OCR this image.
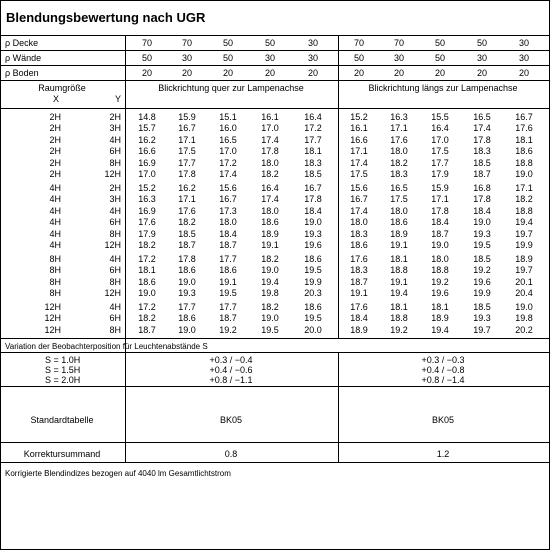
Blendungsbewertung nach UGR
ρ Decke	70	70	50	50	30	70	70	50	50	30
ρ Wände	50	30	50	30	30	50	30	50	30	30
ρ Boden	20	20	20	20	20	20	20	20	20	20
Raumgröße
X	Y
Blickrichtung quer zur Lampenachse	Blickrichtung längs zur Lampenachse
2H	2H	14.8	15.9	15.1	16.1	16.4	15.2	16.3	15.5	16.5	16.7
2H	3H	15.7	16.7	16.0	17.0	17.2	16.1	17.1	16.4	17.4	17.6
2H	4H	16.2	17.1	16.5	17.4	17.7	16.6	17.6	17.0	17.8	18.1
2H	6H	16.6	17.5	17.0	17.8	18.1	17.1	18.0	17.5	18.3	18.6
2H	8H	16.9	17.7	17.2	18.0	18.3	17.4	18.2	17.7	18.5	18.8
2H	12H	17.0	17.8	17.4	18.2	18.5	17.5	18.3	17.9	18.7	19.0
4H	2H	15.2	16.2	15.6	16.4	16.7	15.6	16.5	15.9	16.8	17.1
4H	3H	16.3	17.1	16.7	17.4	17.8	16.7	17.5	17.1	17.8	18.2
4H	4H	16.9	17.6	17.3	18.0	18.4	17.4	18.0	17.8	18.4	18.8
4H	6H	17.6	18.2	18.0	18.6	19.0	18.0	18.6	18.4	19.0	19.4
4H	8H	17.9	18.5	18.4	18.9	19.3	18.3	18.9	18.7	19.3	19.7
4H	12H	18.2	18.7	18.7	19.1	19.6	18.6	19.1	19.0	19.5	19.9
8H	4H	17.2	17.8	17.7	18.2	18.6	17.6	18.1	18.0	18.5	18.9
8H	6H	18.1	18.6	18.6	19.0	19.5	18.3	18.8	18.8	19.2	19.7
8H	8H	18.6	19.0	19.1	19.4	19.9	18.7	19.1	19.2	19.6	20.1
8H	12H	19.0	19.3	19.5	19.8	20.3	19.1	19.4	19.6	19.9	20.4
12H	4H	17.2	17.7	17.7	18.2	18.6	17.6	18.1	18.1	18.5	19.0
12H	6H	18.2	18.6	18.7	19.0	19.5	18.4	18.8	18.9	19.3	19.8
12H	8H	18.7	19.0	19.2	19.5	20.0	18.9	19.2	19.4	19.7	20.2
Variation der Beobachterposition für Leuchtenabstände S
S = 1.0H	+0.3 / −0.4	+0.3 / −0.3
S = 1.5H	+0.4 / −0.6	+0.4 / −0.8
S = 2.0H	+0.8 / −1.1	+0.8 / −1.4
Standardtabelle	BK05	BK05
Korrektursummand	0.8	1.2
Korrigierte Blendindizes bezogen auf 4040 lm Gesamtlichtstrom
